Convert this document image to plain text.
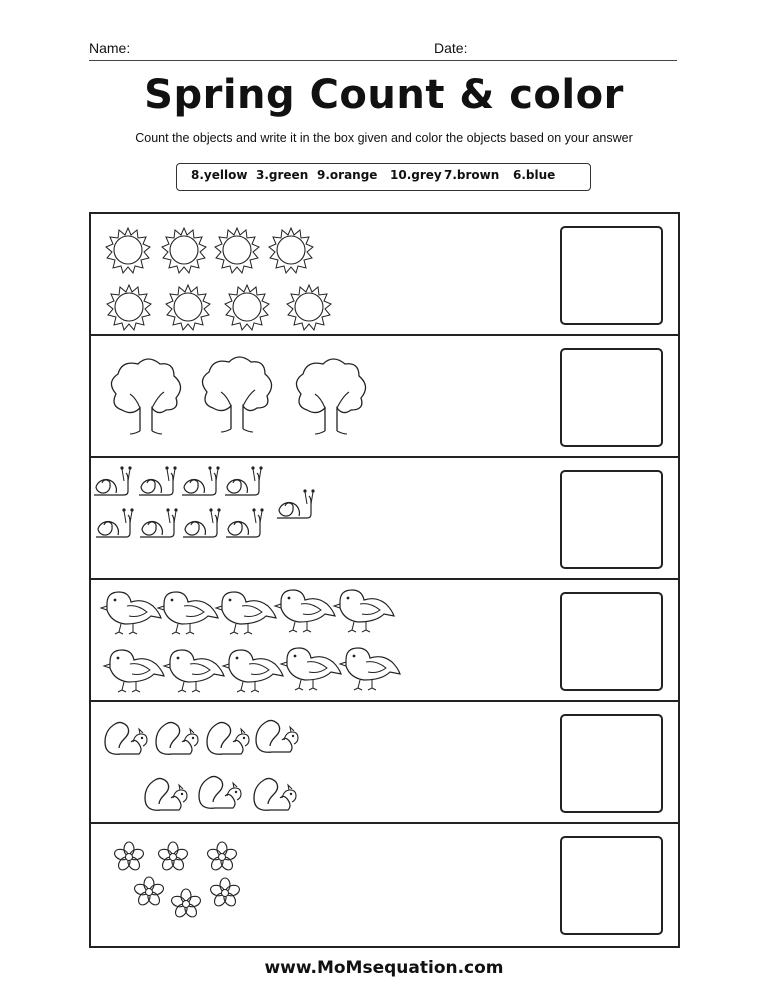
Name:	Date:
Spring Count & color
Count the objects and write it in the box given and color the objects based on your answer
8.yellow 3.green 9.orange 10.grey 7.brown 6.blue
www.MoMsequation.com
